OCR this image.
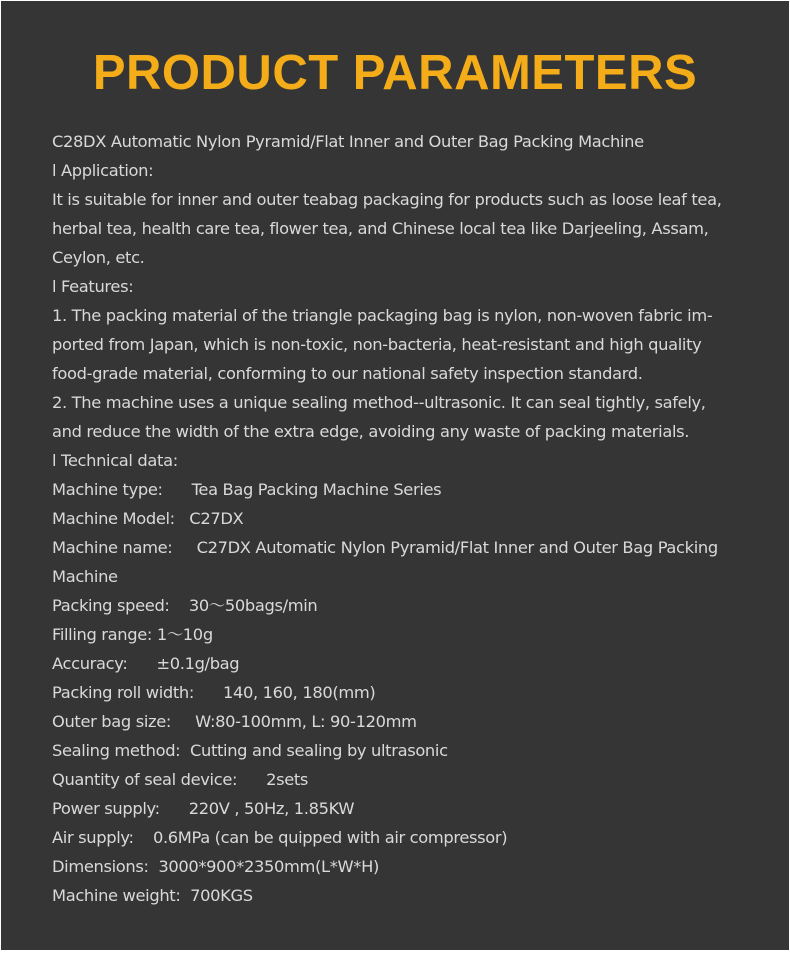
PRODUCT PARAMETERS
C28DX Automatic Nylon Pyramid/Flat Inner and Outer Bag Packing Machine
l Application:
It is suitable for inner and outer teabag packaging for products such as loose leaf tea,
herbal tea, health care tea, flower tea, and Chinese local tea like Darjeeling, Assam,
Ceylon, etc.
l Features:
1. The packing material of the triangle packaging bag is nylon, non-woven fabric im-
ported from Japan, which is non-toxic, non-bacteria, heat-resistant and high quality
food-grade material, conforming to our national safety inspection standard.
2. The machine uses a unique sealing method--ultrasonic. It can seal tightly, safely,
and reduce the width of the extra edge, avoiding any waste of packing materials.
l Technical data:
Machine type: Tea Bag Packing Machine Series
Machine Model: C27DX
Machine name: C27DX Automatic Nylon Pyramid/Flat Inner and Outer Bag Packing Machine
Packing speed: 30～50bags/min
Filling range: 1～10g
Accuracy: ±0.1g/bag
Packing roll width: 140, 160, 180(mm)
Outer bag size: W:80-100mm, L: 90-120mm
Sealing method: Cutting and sealing by ultrasonic
Quantity of seal device: 2sets
Power supply: 220V , 50Hz, 1.85KW
Air supply: 0.6MPa (can be quipped with air compressor)
Dimensions: 3000*900*2350mm(L*W*H)
Machine weight: 700KGS
